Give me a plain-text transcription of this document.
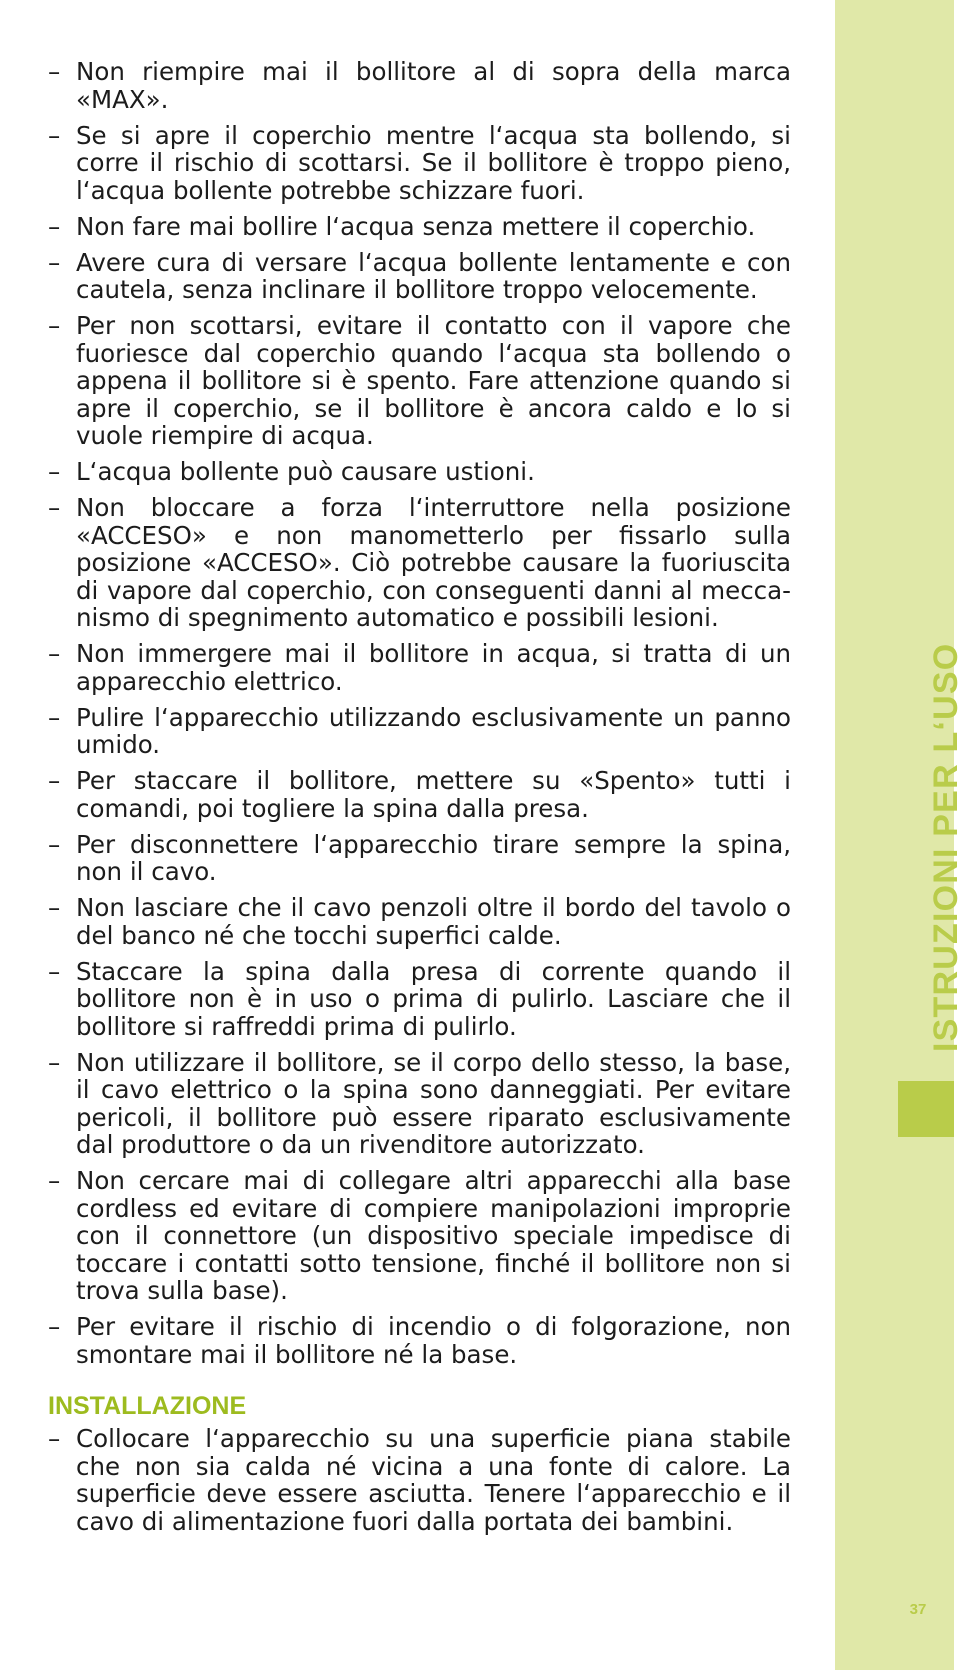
– Non riempire mai il bollitore al di sopra della marca «MAX».
– Se si apre il coperchio mentre l‘acqua sta bollendo, si corre il rischio di scottarsi. Se il bollitore è troppo pieno, l‘acqua bollente potrebbe schizzare fuori.
– Non fare mai bollire l‘acqua senza mettere il coperchio.
– Avere cura di versare l‘acqua bollente lentamente e con cautela, senza inclinare il bollitore troppo velocemente.
– Per non scottarsi, evitare il contatto con il vapore che fuoriesce dal coperchio quando l‘acqua sta bollendo o appena il bollitore si è spento. Fare attenzione quando si apre il coperchio, se il bollitore è ancora caldo e lo si vuole riempire di acqua.
– L‘acqua bollente può causare ustioni.
– Non bloccare a forza l‘interruttore nella posizione «ACCESO» e non manometterlo per fissarlo sulla posizione «ACCESO». Ciò potrebbe causare la fuoriuscita di vapore dal coperchio, con conseguenti danni al meccanismo di spegnimento automatico e possibili lesioni.
– Non immergere mai il bollitore in acqua, si tratta di un apparecchio elettrico.
– Pulire l‘apparecchio utilizzando esclusivamente un panno umido.
– Per staccare il bollitore, mettere su «Spento» tutti i comandi, poi togliere la spina dalla presa.
– Per disconnettere l‘apparecchio tirare sempre la spina, non il cavo.
– Non lasciare che il cavo penzoli oltre il bordo del tavolo o del banco né che tocchi superfici calde.
– Staccare la spina dalla presa di corrente quando il bollitore non è in uso o prima di pulirlo. Lasciare che il bollitore si raffreddi prima di pulirlo.
– Non utilizzare il bollitore, se il corpo dello stesso, la base, il cavo elettrico o la spina sono danneggiati. Per evitare pericoli, il bollitore può essere riparato esclusivamente dal produttore o da un rivenditore autorizzato.
– Non cercare mai di collegare altri apparecchi alla base cordless ed evitare di compiere manipolazioni improprie con il connettore (un dispositivo speciale impedisce di toccare i contatti sotto tensione, finché il bollitore non si trova sulla base).
– Per evitare il rischio di incendio o di folgorazione, non smontare mai il bollitore né la base.
INSTALLAZIONE
– Collocare l‘apparecchio su una superficie piana stabile che non sia calda né vicina a una fonte di calore. La superficie deve essere asciutta. Tenere l‘apparecchio e il cavo di alimentazione fuori dalla portata dei bambini.
ISTRUZIONI PER L‘USO
37
